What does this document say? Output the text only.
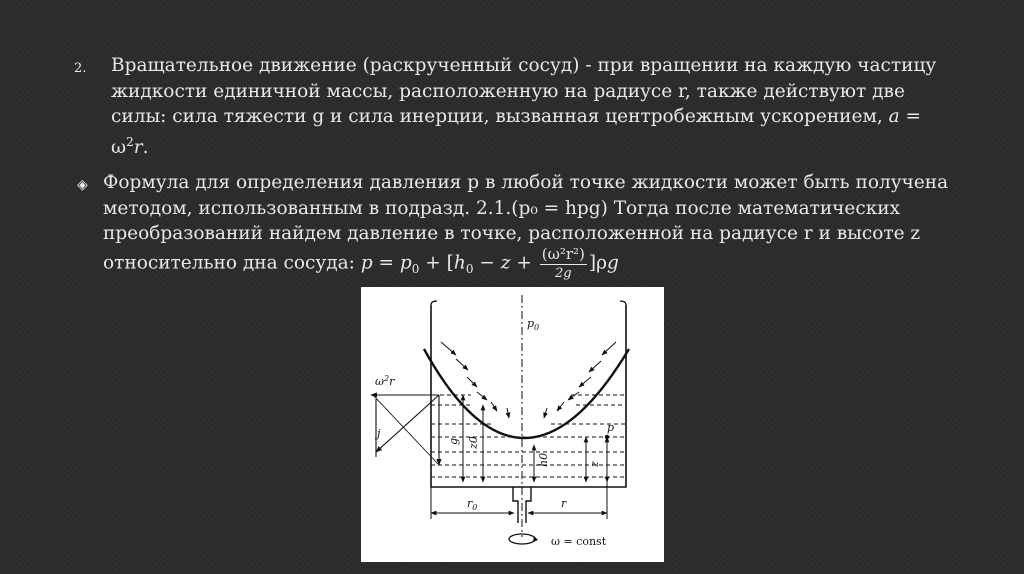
2. Вращательное движение (раскрученный сосуд) - при вращении на каждую частицу жидкости единичной массы, расположенную на радиусе r, также действуют две силы: сила тяжести g и сила инерции, вызванная центробежным ускорением, a =
$\omega^2r$.
◈ Формула для определения давления p в любой точке жидкости может быть получена методом, использованным в подразд. 2.1.(p₀ = hpg) Тогда после математических преобразований найдем давление в точке, расположенной на радиусе r и высоте z относительно дна сосуда: $p = p_0 + [h_0 - z + \frac{\text{(ω²r²)}}{2g} ]\rho g$
$p_0$
$\omega^2r$
j
g z0
h0	z
p
$r_0$	r
ω = const
